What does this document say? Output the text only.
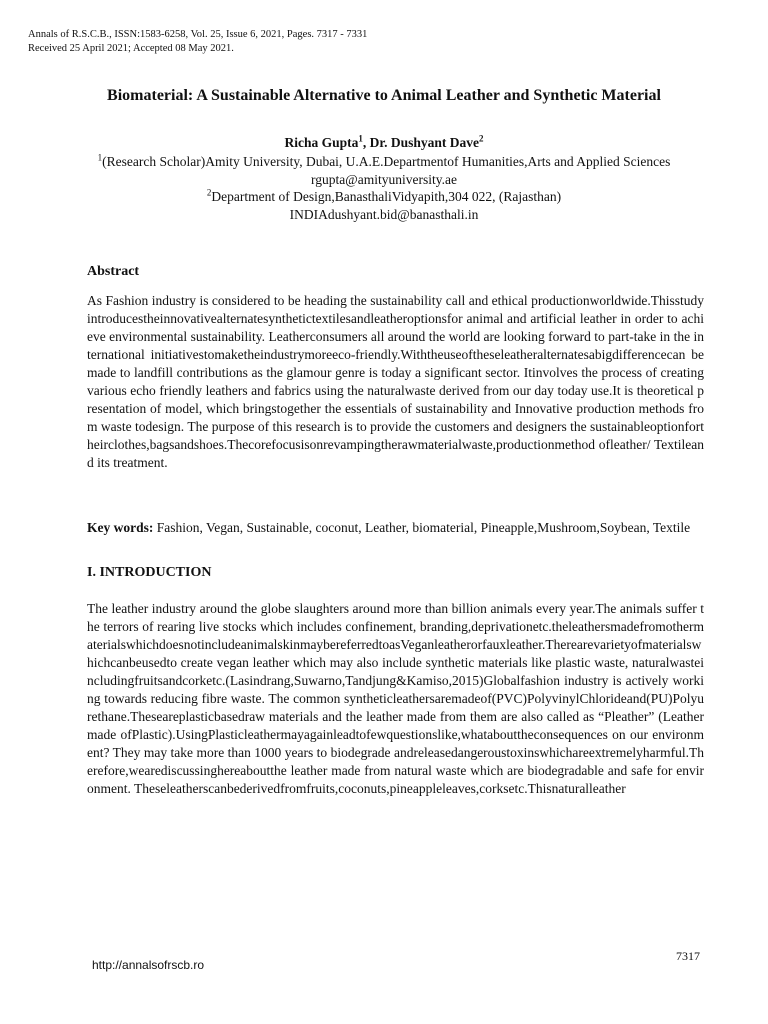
Annals of R.S.C.B., ISSN:1583-6258, Vol. 25, Issue 6, 2021, Pages. 7317 - 7331
Received 25 April 2021; Accepted 08 May 2021.
Biomaterial: A Sustainable Alternative to Animal Leather and Synthetic Material
Richa Gupta$^1$, Dr. Dushyant Dave$^2$
$^1$(Research Scholar)Amity University, Dubai, U.A.E.Departmentof Humanities,Arts and Applied Sciences
rgupta@amityuniversity.ae
$^2$Department of Design,BanasthaliVidyapith,304 022, (Rajasthan)
INDIAdushyant.bid@banasthali.in
Abstract
As Fashion industry is considered to be heading the sustainability call and ethical productionworldwide.Thisstudyintroducestheinnovativealternatesynthetictextilesandleatheroptionsfor animal and artificial leather in order to achieve environmental sustainability. Leatherconsumers all around the world are looking forward to part-take in the international initiativestomaketheindustrymoreeco-friendly.Withtheuseoftheseleatheralternatesabigdifferencecan be made to landfill contributions as the glamour genre is today a significant sector. Itinvolves the process of creating various echo friendly leathers and fabrics using the naturalwaste derived from our day today use.It is theoretical presentation of model, which bringstogether the essentials of sustainability and Innovative production methods from waste todesign. The purpose of this research is to provide the customers and designers the sustainableoptionfortheirclothes,bagsandshoes.Thecorefocusisonrevampingtherawmaterialwaste,productionmethod ofleather/ Textileand its treatment.
Key words: Fashion, Vegan, Sustainable, coconut, Leather, biomaterial, Pineapple,Mushroom,Soybean, Textile
I. INTRODUCTION
The leather industry around the globe slaughters around more than billion animals every year.The animals suffer the terrors of rearing live stocks which includes confinement, branding,deprivationetc.theleathersmadefromothermaterialswhichdoesnotincludeanimalskinmaybereferredtoasVeganleatherorfauxleather.Therearevarietyofmaterialswhichcanbeusedto create vegan leather which may also include synthetic materials like plastic waste, naturalwasteincludingfruitsandcorketc.(Lasindrang,Suwarno,Tandjung&Kamiso,2015)Globalfashion industry is actively working towards reducing fibre waste. The common syntheticleathersaremadeof(PVC)PolyvinylChlorideand(PU)Polyurethane.Theseareplasticbasedraw materials and the leather made from them are also called as “Pleather” (Leather made ofPlastic).UsingPlasticleathermayagainleadtofewquestionslike,whatabouttheconsequences on our environment? They may take more than 1000 years to biodegrade andreleasedangeroustoxinswhichareextremelyharmful.Therefore,wearediscussinghereaboutthe leather made from natural waste which are biodegradable and safe for environment. Theseleatherscanbederivedfromfruits,coconuts,pineappleleaves,corksetc.Thisnaturalleather
http://annalsofrscb.ro
7317
